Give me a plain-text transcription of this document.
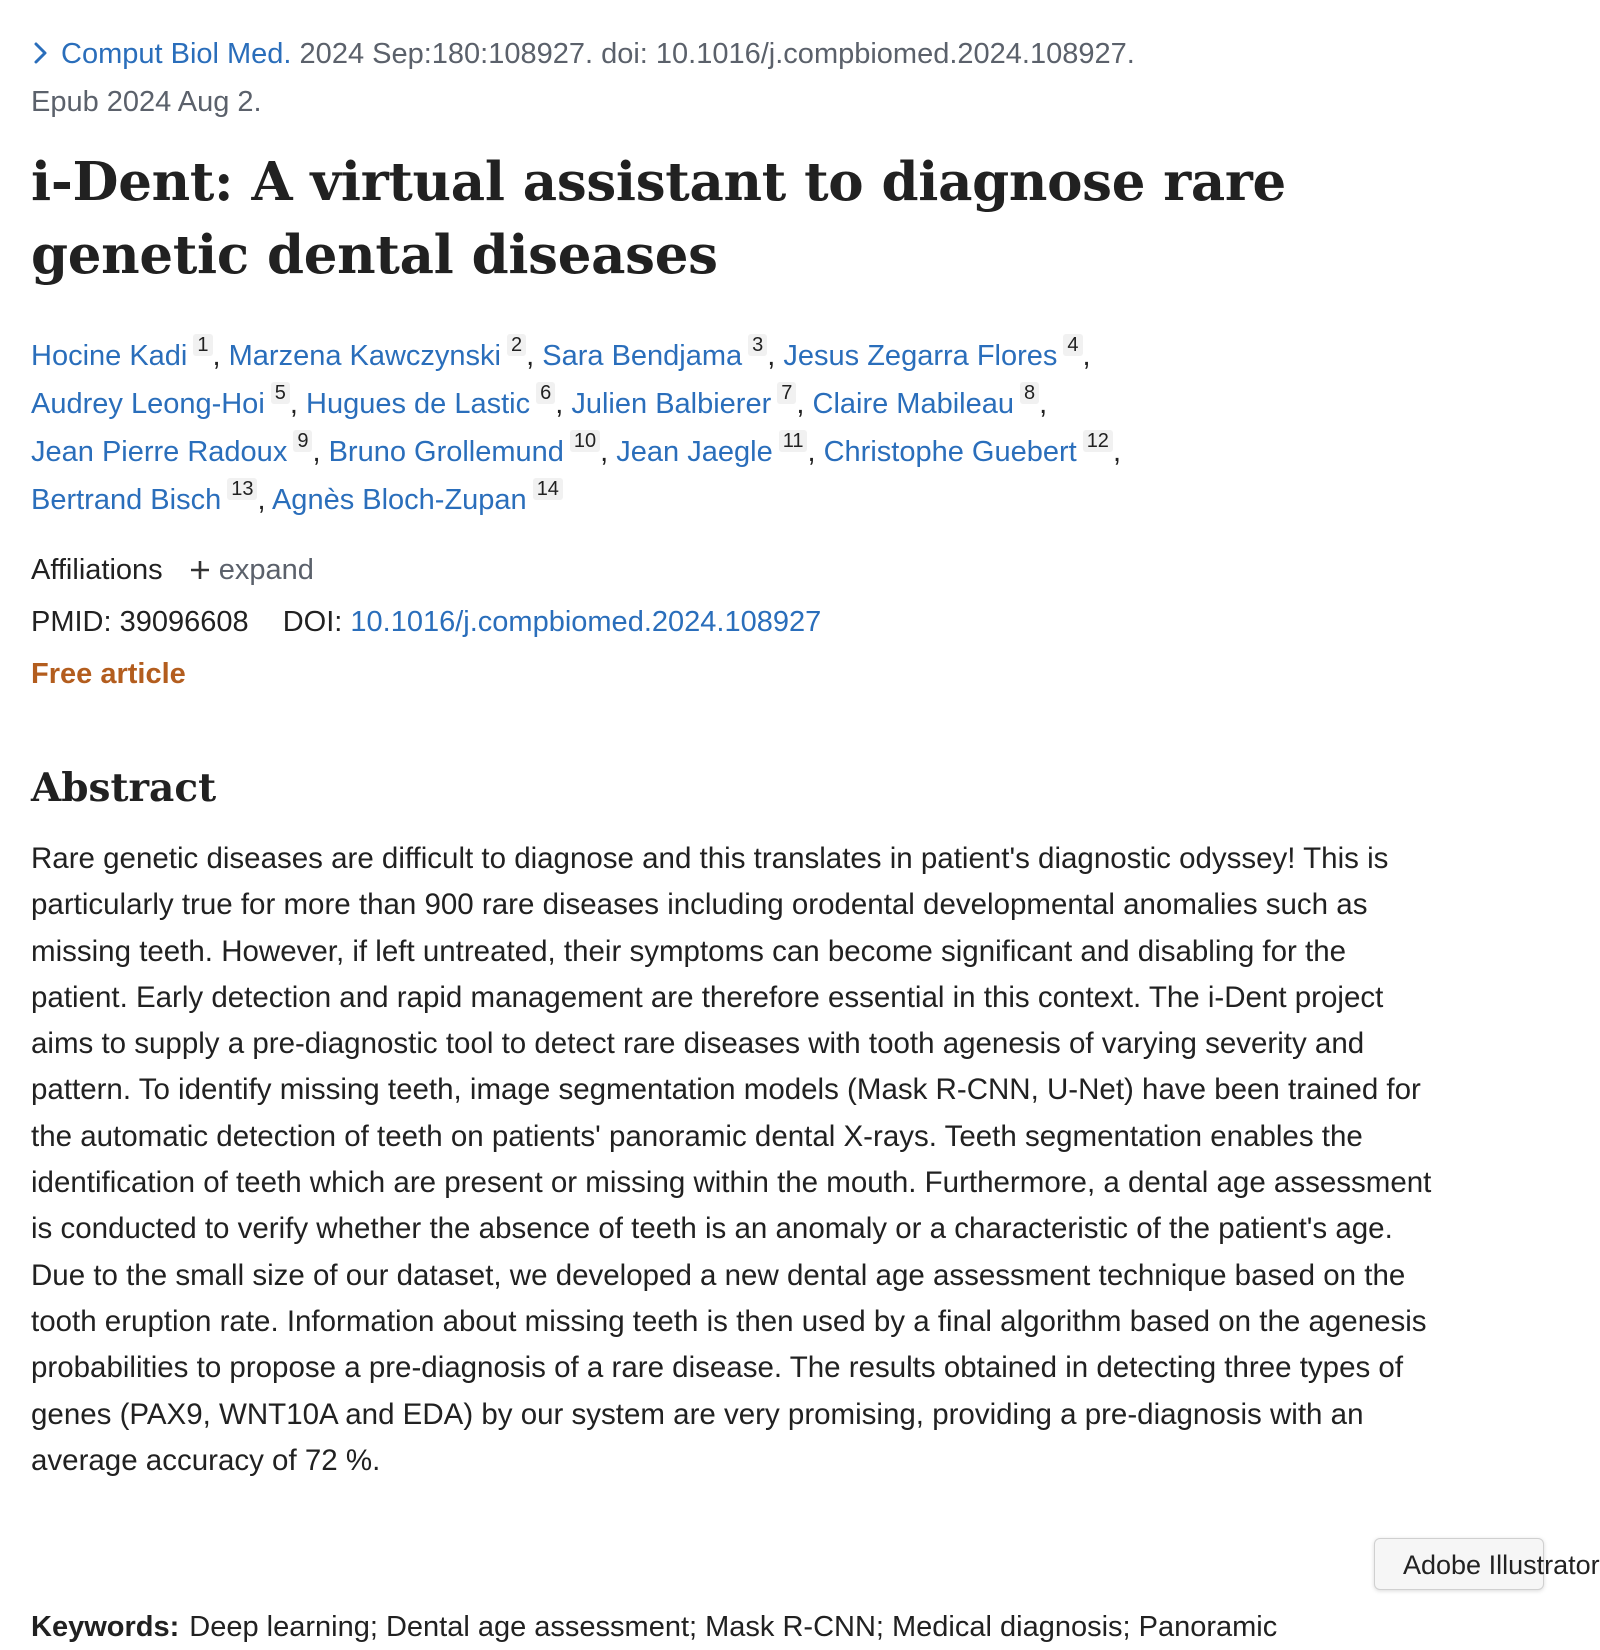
Comput Biol Med. 2024 Sep:180:108927. doi: 10.1016/j.compbiomed.2024.108927.
Epub 2024 Aug 2.
i-Dent: A virtual assistant to diagnose rare genetic dental diseases
Hocine Kadi $^1$ , Marzena Kawczynski $^2$ , Sara Bendjama $^3$ , Jesus Zegarra Flores $^4$ ,
Audrey Leong-Hoi $^5$ , Hugues de Lastic $^6$ , Julien Balbierer $^7$ , Claire Mabileau $^8$ ,
Jean Pierre Radoux $^9$ , Bruno Grollemund $^{10}$ , Jean Jaegle $^{11}$ , Christophe Guebert $^{12}$ ,
Bertrand Bisch $^{13}$ , Agnès Bloch-Zupan $^{14}$
Affiliations expand
PMID: 39096608 DOI: 10.1016/j.compbiomed.2024.108927
Free article
Abstract
Rare genetic diseases are difficult to diagnose and this translates in patient's diagnostic odyssey! This is particularly true for more than 900 rare diseases including orodental developmental anomalies such as missing teeth. However, if left untreated, their symptoms can become significant and disabling for the patient. Early detection and rapid management are therefore essential in this context. The i-Dent project aims to supply a pre-diagnostic tool to detect rare diseases with tooth agenesis of varying severity and pattern. To identify missing teeth, image segmentation models (Mask R-CNN, U-Net) have been trained for the automatic detection of teeth on patients' panoramic dental X-rays. Teeth segmentation enables the identification of teeth which are present or missing within the mouth. Furthermore, a dental age assessment is conducted to verify whether the absence of teeth is an anomaly or a characteristic of the patient's age. Due to the small size of our dataset, we developed a new dental age assessment technique based on the tooth eruption rate. Information about missing teeth is then used by a final algorithm based on the agenesis probabilities to propose a pre-diagnosis of a rare disease. The results obtained in detecting three types of genes (PAX9, WNT10A and EDA) by our system are very promising, providing a pre-diagnosis with an average accuracy of 72 %.
Keywords: Deep learning; Dental age assessment; Mask R-CNN; Medical diagnosis; Panoramic
Adobe Illustrator
